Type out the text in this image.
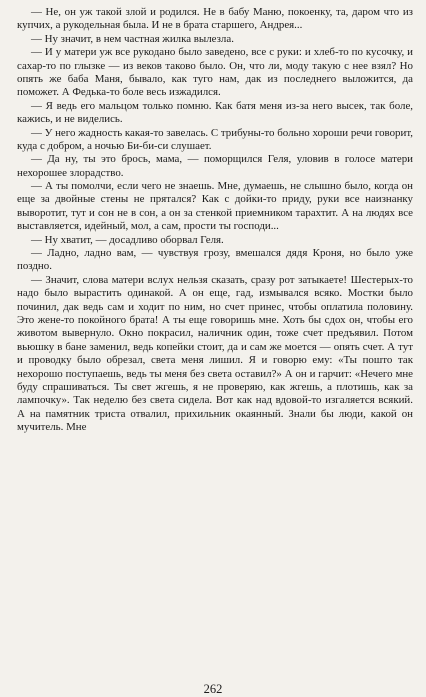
— Не, он уж такой злой и родился. Не в бабу Маню, покоенку, та, даром что из купчих, а рукодельная была. И не в брата старшего, Андрея...

— Ну значит, в нем частная жилка вылезла.

— И у матери уж все рукодано было заведено, все с руки: и хлеб-то по кусочку, и сахар-то по глызке — из веков таково было. Он, что ли, моду такую с нее взял? Но опять же баба Маня, бывало, как туго нам, дак из последнего выложится, да поможет. А Федька-то боле весь изжадился.

— Я ведь его мальцом только помню. Как батя меня из-за него высек, так боле, кажись, и не виделись.

— У него жадность какая-то завелась. С трибуны-то больно хороши речи говорит, куда с добром, а ночью Би-би-си слушает.

— Да ну, ты это брось, мама, — поморщился Геля, уловив в голосе матери нехорошее злорадство.

— А ты помолчи, если чего не знаешь. Мне, думаешь, не слышно было, когда он еще за двойные стены не прятался? Как с дойки-то приду, руки все наизнанку выворотит, тут и сон не в сон, а он за стенкой приемником тарахтит. А на людях все выставляется, идейный, мол, а сам, прости ты господи...

— Ну хватит, — досадливо оборвал Геля.

— Ладно, ладно вам, — чувствуя грозу, вмешался дядя Кроня, но было уже поздно.

— Значит, слова матери вслух нельзя сказать, сразу рот затыкаете! Шестерых-то надо было вырастить одинакой. А он еще, гад, измывался всяко. Мостки было починил, дак ведь сам и ходит по ним, но счет принес, чтобы оплатила половину. Это жене-то покойного брата! А ты еще говоришь мне. Хоть бы сдох он, чтобы его животом вывернуло. Окно покрасил, наличник один, тоже счет предъявил. Потом вьюшку в бане заменил, ведь копейки стоит, да и сам же моется — опять счет. А тут и проводку было обрезал, света меня лишил. Я и говорю ему: «Ты пошто так нехорошо поступаешь, ведь ты меня без света оставил?» А он и гарчит: «Нечего мне буду спрашиваться. Ты свет жгешь, я не проверяю, как жгешь, а плотишь, как за лампочку». Так неделю без света сидела. Вот как над вдовой-то изгаляется всякий. А на памятник триста отвалил, прихильник окаянный. Знали бы люди, какой он мучитель. Мне

262
